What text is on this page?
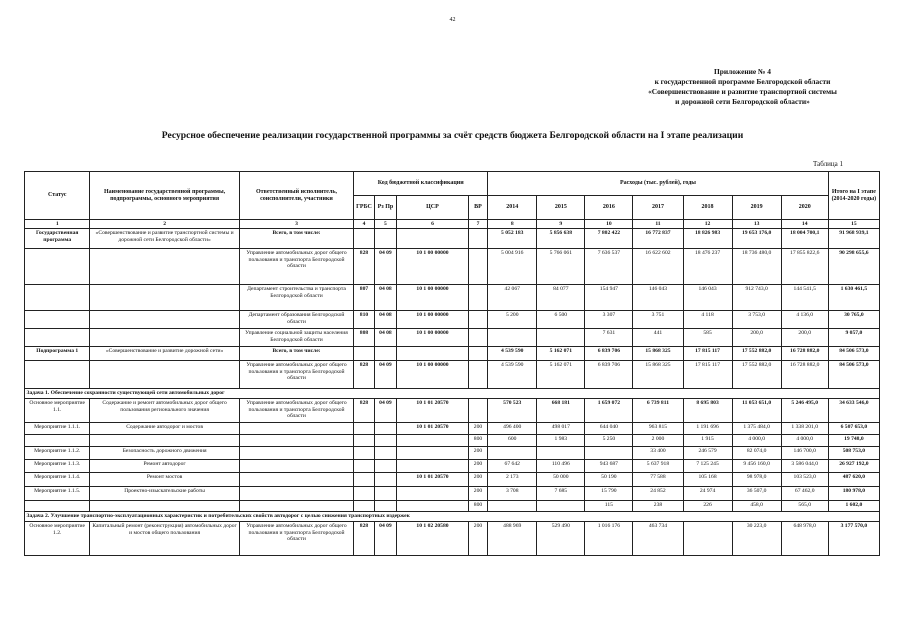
42
Приложение № 4
к государственной программе Белгородской области
«Совершенствование и развитие транспортной системы
и дорожной сети Белгородской области»
Ресурсное обеспечение реализации государственной программы за счёт средств бюджета Белгородской области на I этапе реализации
Таблица 1
Статус	Наименование государственной программы, подпрограммы, основного мероприятия	Ответственный исполнитель, соисполнители, участники	Код бюджетной классификации				Расходы (тыс. рублей), годы							Итого на I этапе (2014-2020 годы)
			ГРБС	Рз Пр	ЦСР	ВР	2014	2015	2016	2017	2018	2019	2020	
1	2	3	4	5	6	7	8	9	10	11	12	13	14	15
Государственная программа	«Совершенствование и развитие транспортной системы и дорожной сети Белгородской области»	Всего, в том числе:					5 052 183	5 856 638	7 802 422	16 772 837	18 826 983	19 653 176,0	18 004 700,1	91 968 939,1
		Управление автомобильных дорог общего пользования и транспорта Белгородской области	828	04 09	10 1 00 00000		5 004 916	5 766 061	7 636 537	16 622 602	18 476 237	18 736 480,0	17 855 822,6	90 298 655,6
		Департамент строительства и транспорта Белгородской области	807	04 08	10 1 00 00000		42 067	84 077	154 947	146 043	146 043	912 743,0	144 541,5	1 630 461,5
		Департамент образования Белгородской области	810	04 08	10 1 00 00000		5 200	6 500	3 307	3 751	4 118	3 753,0	4 136,0	30 765,0
		Управление социальной защиты населения Белгородской области	808	04 08	10 1 00 00000				7 631	441	585	200,0	200,0	9 057,0
Подпрограмма 1	«Совершенствование и развитие дорожной сети»	Всего, в том числе:					4 539 590	5 162 071	6 839 706	15 868 325	17 815 117	17 552 882,0	16 728 882,0	84 506 573,0
		Управление автомобильных дорог общего пользования и транспорта Белгородской области	828	04 09	10 1 00 00000		4 539 590	5 162 071	6 839 706	15 868 325	17 815 117	17 552 882,0	16 728 882,0	84 506 573,0
Задача 1. Обеспечение сохранности существующей сети автомобильных дорог														
Основное мероприятие 1.1.	Содержание и ремонт автомобильных дорог общего пользования регионального значения	Управление автомобильных дорог общего пользования и транспорта Белгородской области	828	04 09	10 1 01 20570		570 523	668 181	1 659 072	6 739 811	8 695 803	11 053 651,0	5 246 495,0	34 633 546,0
Мероприятие 1.1.1.	Содержание автодорог и мостов				10 1 01 20570	200	496 400	498 017	644 040	963 815	1 191 696	1 375 484,0	1 338 201,0	6 507 653,0
						800	600	1 983	5 250	2 000	1 915	4 000,0	4 000,0	19 748,0
Мероприятие 1.1.2.	Безопасность дорожного движения					200				33 400	246 579	82 074,0	146 700,0	508 753,0
Мероприятие 1.1.3.	Ремонт автодорог					200	67 642	110 496	943 687	5 637 918	7 125 245	9 456 160,0	3 586 044,0	26 927 192,0
Мероприятие 1.1.4.	Ремонт мостов				10 1 01 20570	200	2 173	50 000	50 190	77 588	105 168	98 978,0	103 523,0	487 620,0
Мероприятие 1.1.5.	Проектно-изыскательские работы					200	3 708	7 685	15 790	24 852	24 974	36 507,0	67 462,0	180 978,0
						800			115	238	226	458,0	565,0	1 602,0
Задача 2. Улучшение транспортно-эксплуатационных характеристик и потребительских свойств автодорог с целью снижения транспортных издержек														
Основное мероприятие 1.2.	Капитальный ремонт (реконструкция) автомобильных дорог и мостов общего пользования	Управление автомобильных дорог общего пользования и транспорта Белгородской области	828	04 09	10 1 02 20580	200	488 969	529 490	1 016 176	463 734		30 223,0	648 978,0	3 177 570,0
